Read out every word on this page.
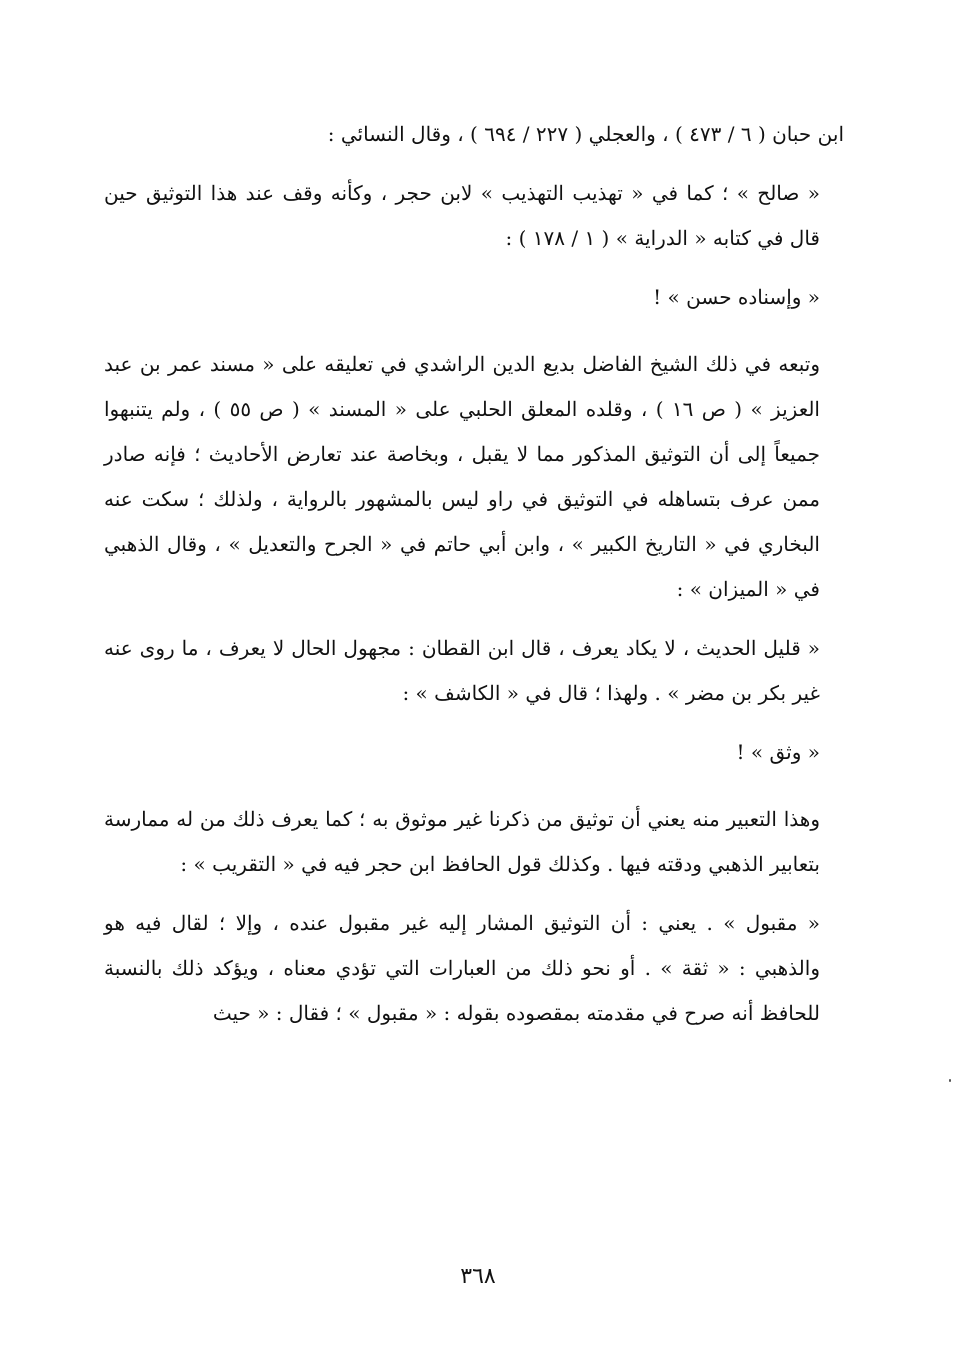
ابن حبان ( ٦ / ٤٧٣ ) ، والعجلي ( ٢٢٧ / ٦٩٤ ) ، وقال النسائي :

« صالح » ؛ كما في « تهذيب التهذيب » لابن حجر ، وكأنه وقف عند هذا التوثيق حين قال في كتابه « الدراية » ( ١ / ١٧٨ ) :

« وإسناده حسن » !

وتبعه في ذلك الشيخ الفاضل بديع الدين الراشدي في تعليقه على « مسند عمر بن عبد العزيز » ( ص ١٦ ) ، وقلده المعلق الحلبي على « المسند » ( ص ٥٥ ) ، ولم يتنبهوا جميعاً إلى أن التوثيق المذكور مما لا يقبل ، وبخاصة عند تعارض الأحاديث ؛ فإنه صادر ممن عرف بتساهله في التوثيق في راو ليس بالمشهور بالرواية ، ولذلك ؛ سكت عنه البخاري في « التاريخ الكبير » ، وابن أبي حاتم في « الجرح والتعديل » ، وقال الذهبي في « الميزان » :

« قليل الحديث ، لا يكاد يعرف ، قال ابن القطان : مجهول الحال لا يعرف ، ما روى عنه غير بكر بن مضر » . ولهذا ؛ قال في « الكاشف » :

« وثق » !

وهذا التعبير منه يعني أن توثيق من ذكرنا غير موثوق به ؛ كما يعرف ذلك من له ممارسة بتعابير الذهبي ودقته فيها . وكذلك قول الحافظ ابن حجر فيه في « التقريب » :

« مقبول » . يعني : أن التوثيق المشار إليه غير مقبول عنده ، وإلا ؛ لقال فيه هو والذهبي : « ثقة » . أو نحو ذلك من العبارات التي تؤدي معناه ، ويؤكد ذلك بالنسبة للحافظ أنه صرح في مقدمته بمقصوده بقوله : « مقبول » ؛ فقال : « حيث

٣٦٨
